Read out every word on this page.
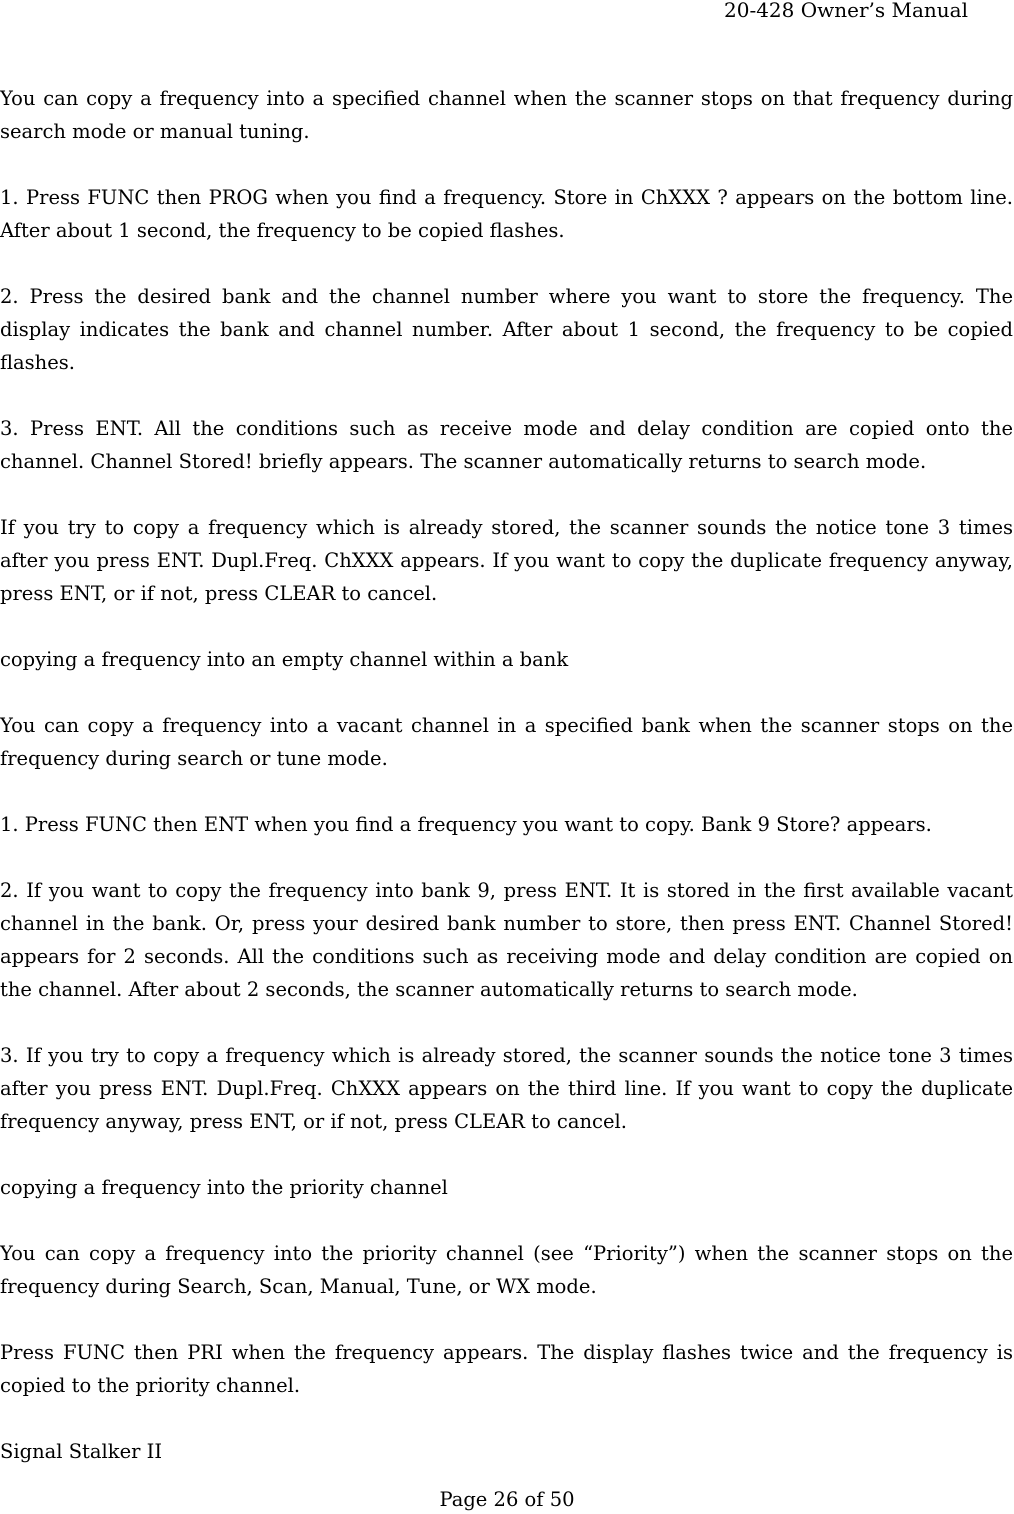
20-428 Owner’s Manual

You can copy a frequency into a specified channel when the scanner stops on that frequency during search mode or manual tuning.

1. Press FUNC then PROG when you find a frequency. Store in ChXXX ? appears on the bottom line. After about 1 second, the frequency to be copied flashes.

2. Press the desired bank and the channel number where you want to store the frequency. The display indicates the bank and channel number. After about 1 second, the frequency to be copied flashes.

3. Press ENT. All the conditions such as receive mode and delay condition are copied onto the channel. Channel Stored! briefly appears. The scanner automatically returns to search mode.

If you try to copy a frequency which is already stored, the scanner sounds the notice tone 3 times after you press ENT. Dupl.Freq. ChXXX appears. If you want to copy the duplicate frequency anyway, press ENT, or if not, press CLEAR to cancel.

copying a frequency into an empty channel within a bank

You can copy a frequency into a vacant channel in a specified bank when the scanner stops on the frequency during search or tune mode.

1. Press FUNC then ENT when you find a frequency you want to copy. Bank 9 Store? appears.

2. If you want to copy the frequency into bank 9, press ENT. It is stored in the first available vacant channel in the bank. Or, press your desired bank number to store, then press ENT. Channel Stored! appears for 2 seconds. All the conditions such as receiving mode and delay condition are copied on the channel. After about 2 seconds, the scanner automatically returns to search mode.

3. If you try to copy a frequency which is already stored, the scanner sounds the notice tone 3 times after you press ENT. Dupl.Freq. ChXXX appears on the third line. If you want to copy the duplicate frequency anyway, press ENT, or if not, press CLEAR to cancel.

copying a frequency into the priority channel

You can copy a frequency into the priority channel (see “Priority”) when the scanner stops on the frequency during Search, Scan, Manual, Tune, or WX mode.

Press FUNC then PRI when the frequency appears. The display flashes twice and the frequency is copied to the priority channel.

Signal Stalker II

Page 26 of 50
